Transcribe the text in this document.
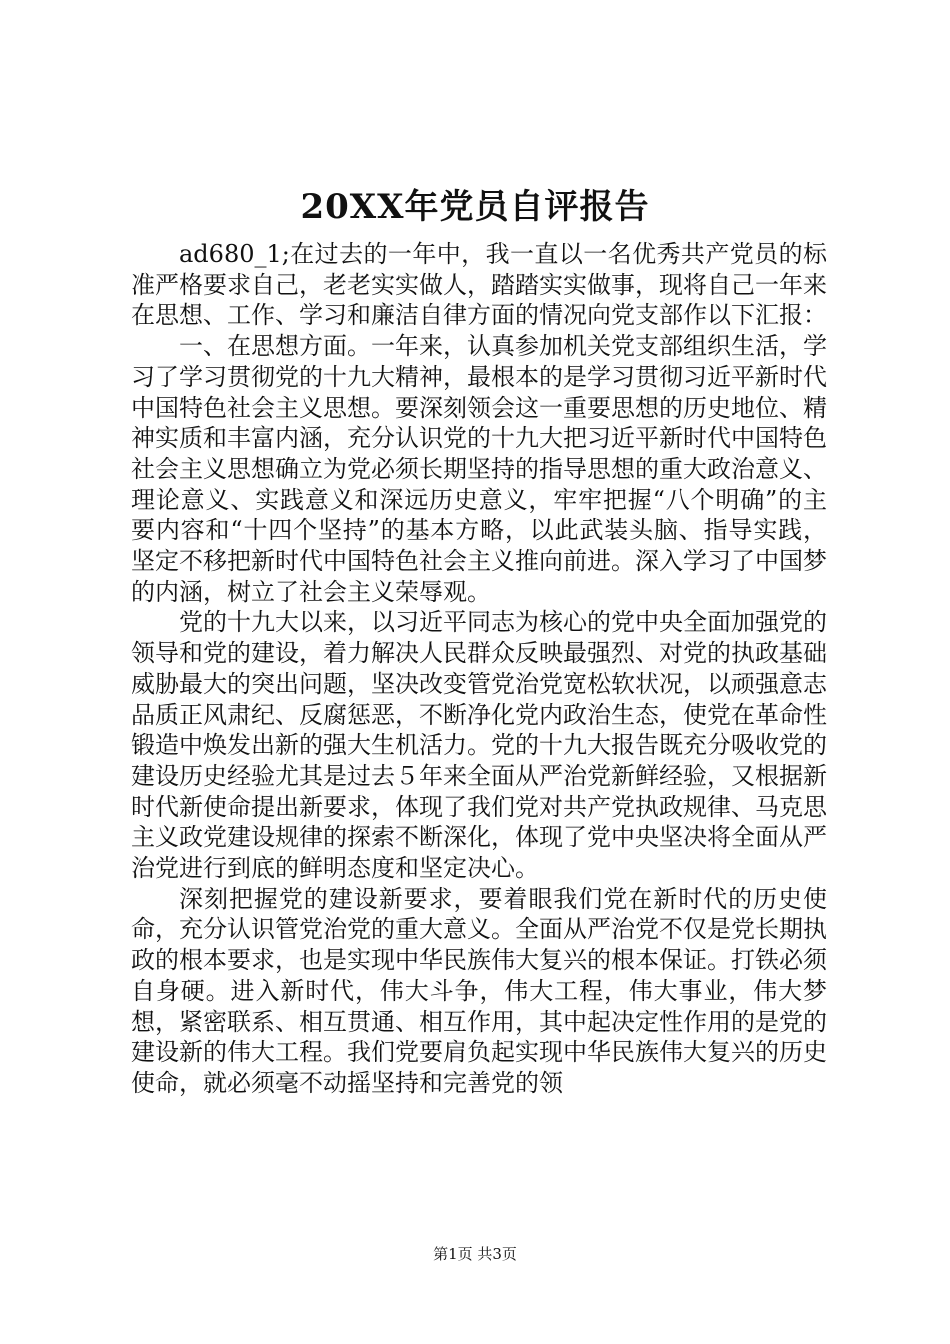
20XX年党员自评报告

ad680_1;在过去的一年中，我一直以一名优秀共产党员的标准严格要求自己，老老实实做人，踏踏实实做事，现将自己一年来在思想、工作、学习和廉洁自律方面的情况向党支部作以下汇报：

一、在思想方面。一年来，认真参加机关党支部组织生活，学习了学习贯彻党的十九大精神，最根本的是学习贯彻习近平新时代中国特色社会主义思想。要深刻领会这一重要思想的历史地位、精神实质和丰富内涵，充分认识党的十九大把习近平新时代中国特色社会主义思想确立为党必须长期坚持的指导思想的重大政治意义、理论意义、实践意义和深远历史意义，牢牢把握“八个明确”的主要内容和“十四个坚持”的基本方略，以此武装头脑、指导实践，坚定不移把新时代中国特色社会主义推向前进。深入学习了中国梦的内涵，树立了社会主义荣辱观。

党的十九大以来，以习近平同志为核心的党中央全面加强党的领导和党的建设，着力解决人民群众反映最强烈、对党的执政基础威胁最大的突出问题，坚决改变管党治党宽松软状况，以顽强意志品质正风肃纪、反腐惩恶，不断净化党内政治生态，使党在革命性锻造中焕发出新的强大生机活力。党的十九大报告既充分吸收党的建设历史经验尤其是过去５年来全面从严治党新鲜经验，又根据新时代新使命提出新要求，体现了我们党对共产党执政规律、马克思主义政党建设规律的探索不断深化，体现了党中央坚决将全面从严治党进行到底的鲜明态度和坚定决心。

深刻把握党的建设新要求，要着眼我们党在新时代的历史使命，充分认识管党治党的重大意义。全面从严治党不仅是党长期执政的根本要求，也是实现中华民族伟大复兴的根本保证。打铁必须自身硬。进入新时代，伟大斗争，伟大工程，伟大事业，伟大梦想，紧密联系、相互贯通、相互作用，其中起决定性作用的是党的建设新的伟大工程。我们党要肩负起实现中华民族伟大复兴的历史使命，就必须毫不动摇坚持和完善党的领

第1页 共3页
